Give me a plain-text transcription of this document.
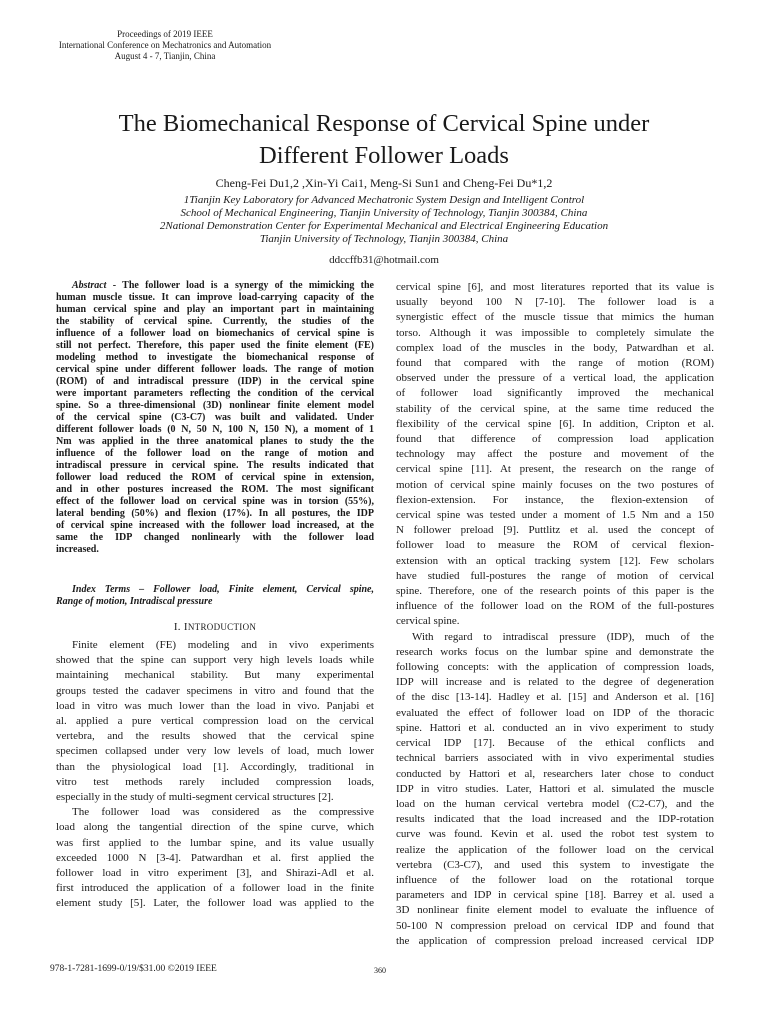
Proceedings of 2019 IEEE
International Conference on Mechatronics and Automation
August 4 - 7, Tianjin, China
The Biomechanical Response of Cervical Spine under
Different Follower Loads
Cheng-Fei Du1,2 ,Xin-Yi Cai1, Meng-Si Sun1 and Cheng-Fei Du*1,2
1Tianjin Key Laboratory for Advanced Mechatronic System Design and Intelligent Control
School of Mechanical Engineering, Tianjin University of Technology, Tianjin 300384, China
2National Demonstration Center for Experimental Mechanical and Electrical Engineering Education
Tianjin University of Technology, Tianjin 300384, China
ddccffb31@hotmail.com
Abstract - The follower load is a synergy of the mimicking the
human muscle tissue. It can improve load-carrying capacity of the
human cervical spine and play an important part in maintaining
the stability of cervical spine. Currently, the studies of the
influence of a follower load on biomechanics of cervical spine is
still not perfect. Therefore, this paper used the finite element (FE)
modeling method to investigate the biomechanical response of
cervical spine under different follower loads. The range of motion
(ROM) of and intradiscal pressure (IDP) in the cervical spine
were important parameters reflecting the condition of the cervical
spine. So a three-dimensional (3D) nonlinear finite element model
of the cervical spine (C3-C7) was built and validated. Under
different follower loads (0 N, 50 N, 100 N, 150 N), a moment of 1
Nm was applied in the three anatomical planes to study the the
influence of the follower load on the range of motion and
intradiscal pressure in cervical spine. The results indicated that
follower load reduced the ROM of cervical spine in extension,
and in other postures increased the ROM. The most significant
effect of the follower load on cervical spine was in torsion (55%),
lateral bending (50%) and flexion (17%). In all postures, the IDP
of cervical spine increased with the follower load increased, at the
same the IDP changed nonlinearly with the follower load
increased.
Index Terms – Follower load, Finite element, Cervical spine,
Range of motion, Intradiscal pressure
I. INTRODUCTION
Finite element (FE) modeling and in vivo experiments
showed that the spine can support very high levels loads while
maintaining mechanical stability. But many experimental
groups tested the cadaver specimens in vitro and found that the
load in vitro was much lower than the load in vivo. Panjabi et
al. applied a pure vertical compression load on the cervical
vertebra, and the results showed that the cervical spine
specimen collapsed under very low levels of load, much lower
than the physiological load [1]. Accordingly, traditional in
vitro test methods rarely included compression loads,
especially in the study of multi-segment cervical structures [2].
The follower load was considered as the compressive
load along the tangential direction of the spine curve, which
was first applied to the lumbar spine, and its value usually
exceeded 1000 N [3-4]. Patwardhan et al. first applied the
follower load in vitro experiment [3], and Shirazi-Adl et al.
first introduced the application of a follower load in the finite
element study [5]. Later, the follower load was applied to the
cervical spine [6], and most literatures reported that its value is
usually beyond 100 N [7-10]. The follower load is a
synergistic effect of the muscle tissue that mimics the human
torso. Although it was impossible to completely simulate the
complex load of the muscles in the body, Patwardhan et al.
found that compared with the range of motion (ROM)
observed under the pressure of a vertical load, the application
of follower load significantly improved the mechanical
stability of the cervical spine, at the same time reduced the
flexibility of the cervical spine [6]. In addition, Cripton et al.
found that difference of compression load application
technology may affect the posture and movement of the
cervical spine [11]. At present, the research on the range of
motion of cervical spine mainly focuses on the two postures of
flexion-extension. For instance, the flexion-extension of
cervical spine was tested under a moment of 1.5 Nm and a 150
N follower preload [9]. Puttlitz et al. used the concept of
follower load to measure the ROM of cervical flexion-
extension with an optical tracking system [12]. Few scholars
have studied full-postures the range of motion of cervical
spine. Therefore, one of the research points of this paper is the
influence of the follower load on the ROM of the full-postures
cervical spine.
With regard to intradiscal pressure (IDP), much of the
research works focus on the lumbar spine and demonstrate the
following concepts: with the application of compression loads,
IDP will increase and is related to the degree of degeneration
of the disc [13-14]. Hadley et al. [15] and Anderson et al. [16]
evaluated the effect of follower load on IDP of the thoracic
spine. Hattori et al. conducted an in vivo experiment to study
cervical IDP [17]. Because of the ethical conflicts and
technical barriers associated with in vivo experimental studies
conducted by Hattori et al, researchers later chose to conduct
IDP in vitro studies. Later, Hattori et al. simulated the muscle
load on the human cervical vertebra model (C2-C7), and the
results indicated that the load increased and the IDP-rotation
curve was found. Kevin et al. used the robot test system to
realize the application of the follower load on the cervical
vertebra (C3-C7), and used this system to investigate the
influence of the follower load on the rotational torque
parameters and IDP in cervical spine [18]. Barrey et al. used a
3D nonlinear finite element model to evaluate the influence of
50-100 N compression preload on cervical IDP and found that
the application of compression preload increased cervical IDP
978-1-7281-1699-0/19/$31.00 ©2019 IEEE	360
